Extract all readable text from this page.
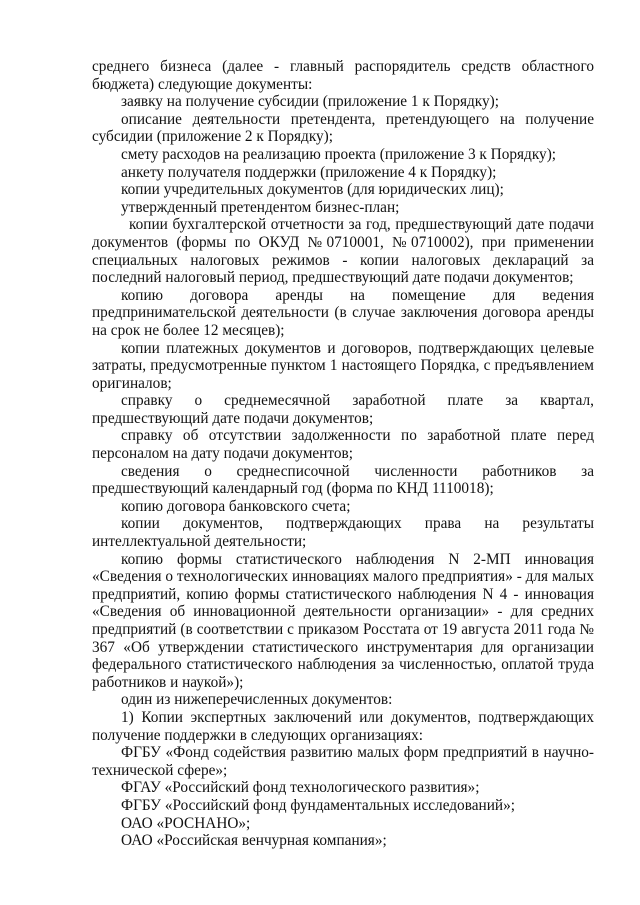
среднего бизнеса (далее - главный распорядитель средств областного бюджета) следующие документы:

заявку на получение субсидии (приложение 1 к Порядку);

описание деятельности претендента, претендующего на получение субсидии (приложение 2 к Порядку);

смету расходов на реализацию проекта (приложение 3 к Порядку);

анкету получателя поддержки (приложение 4 к Порядку);

копии учредительных документов (для юридических лиц);

утвержденный претендентом бизнес-план;

копии бухгалтерской отчетности за год, предшествующий дате подачи документов (формы по ОКУД №0710001, №0710002), при применении специальных налоговых режимов - копии налоговых деклараций за последний налоговый период, предшествующий дате подачи документов;

копию договора аренды на помещение для ведения предпринимательской деятельности (в случае заключения договора аренды на срок не более 12 месяцев);

копии платежных документов и договоров, подтверждающих целевые затраты, предусмотренные пунктом 1 настоящего Порядка, с предъявлением оригиналов;

справку о среднемесячной заработной плате за квартал, предшествующий дате подачи документов;

справку об отсутствии задолженности по заработной плате перед персоналом на дату подачи документов;

сведения о среднесписочной численности работников за предшествующий календарный год (форма по КНД 1110018);

копию договора банковского счета;

копии документов, подтверждающих права на результаты интеллектуальной деятельности;

копию формы статистического наблюдения N 2-МП инновация «Сведения о технологических инновациях малого предприятия» - для малых предприятий, копию формы статистического наблюдения N 4 - инновация «Сведения об инновационной деятельности организации» - для средних предприятий (в соответствии с приказом Росстата от 19 августа 2011 года № 367 «Об утверждении статистического инструментария для организации федерального статистического наблюдения за численностью, оплатой труда работников и наукой»);

один из нижеперечисленных документов:

1) Копии экспертных заключений или документов, подтверждающих получение поддержки в следующих организациях:

ФГБУ «Фонд содействия развитию малых форм предприятий в научно-технической сфере»;

ФГАУ «Российский фонд технологического развития»;

ФГБУ «Российский фонд фундаментальных исследований»;

ОАО «РОСНАНО»;

ОАО «Российская венчурная компания»;
